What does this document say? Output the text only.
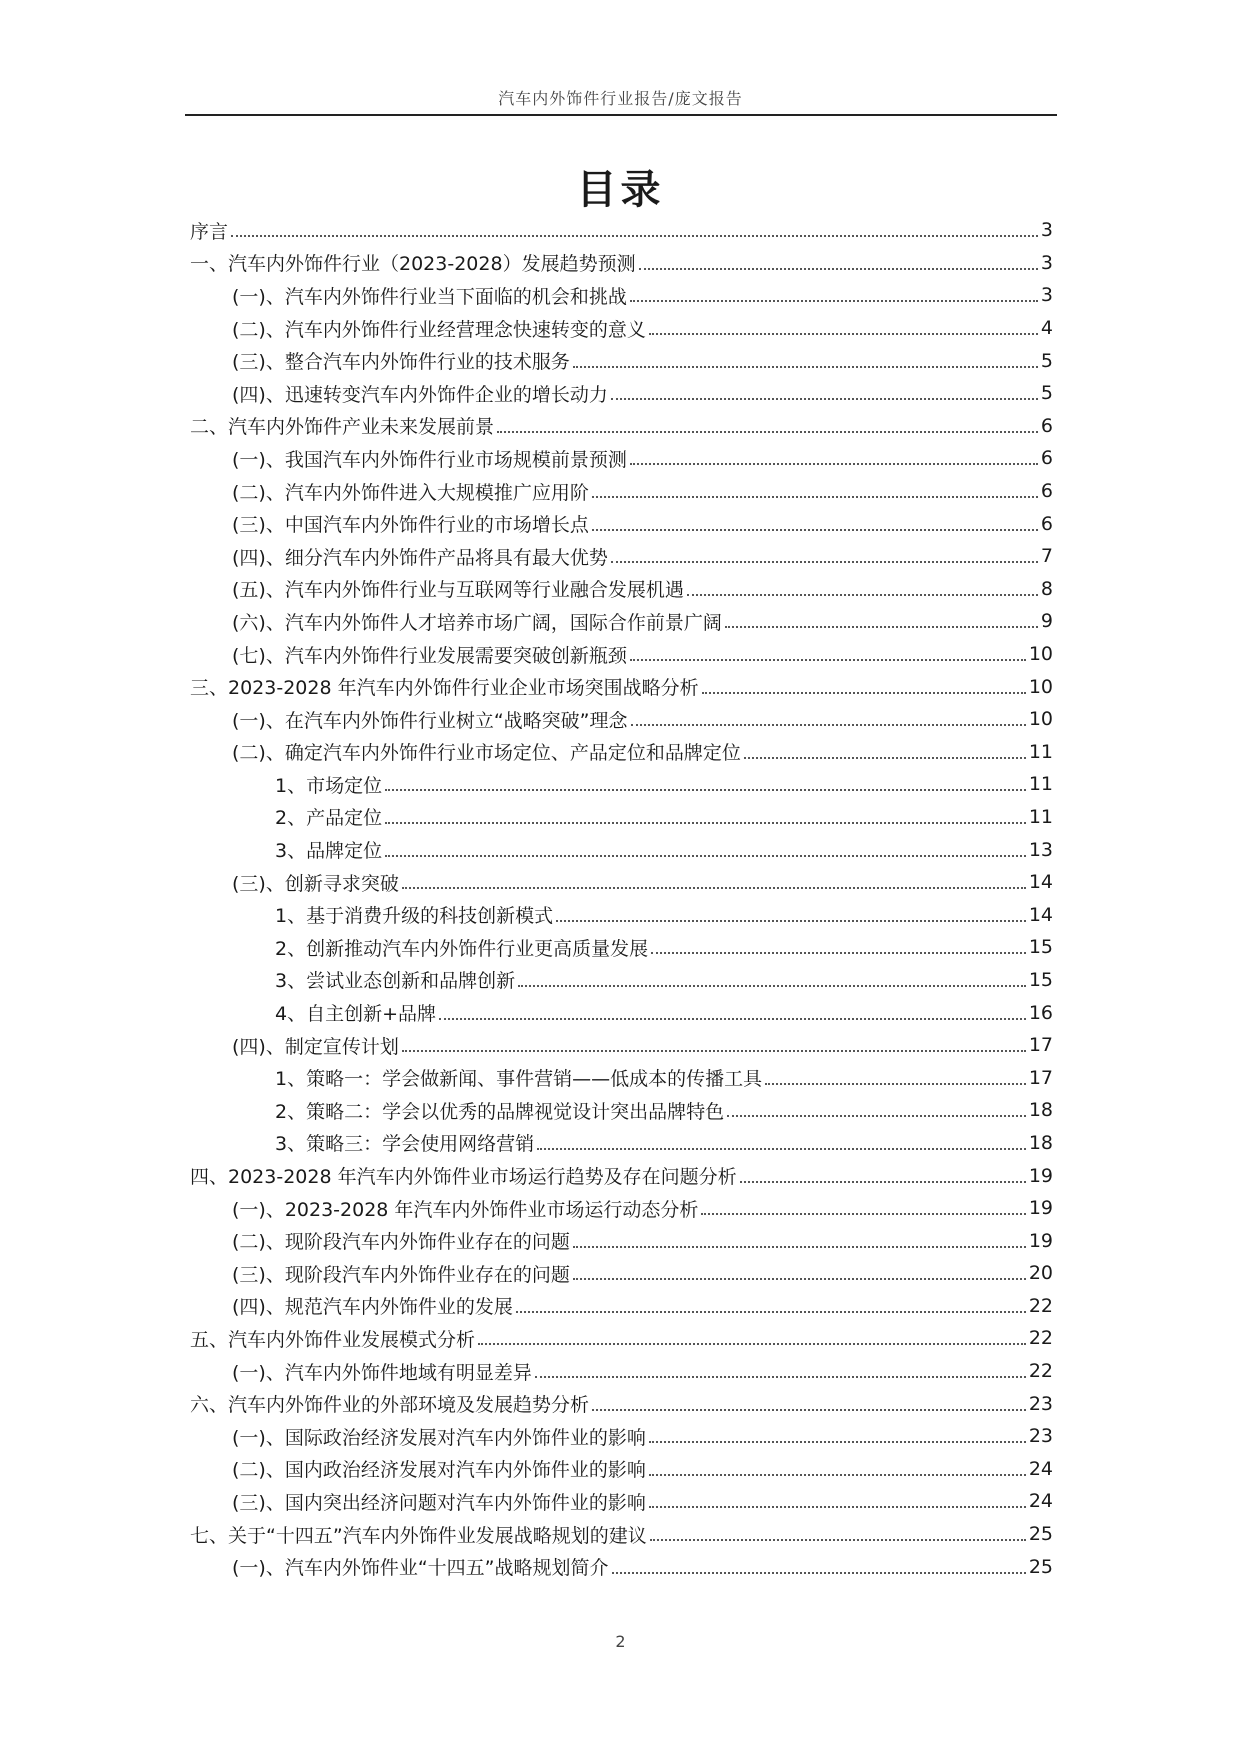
汽车内外饰件行业报告/庞文报告
目录
序言	3
一、汽车内外饰件行业（2023-2028）发展趋势预测	3
(一)、汽车内外饰件行业当下面临的机会和挑战	3
(二)、汽车内外饰件行业经营理念快速转变的意义	4
(三)、整合汽车内外饰件行业的技术服务	5
(四)、迅速转变汽车内外饰件企业的增长动力	5
二、汽车内外饰件产业未来发展前景	6
(一)、我国汽车内外饰件行业市场规模前景预测	6
(二)、汽车内外饰件进入大规模推广应用阶	6
(三)、中国汽车内外饰件行业的市场增长点	6
(四)、细分汽车内外饰件产品将具有最大优势	7
(五)、汽车内外饰件行业与互联网等行业融合发展机遇	8
(六)、汽车内外饰件人才培养市场广阔，国际合作前景广阔	9
(七)、汽车内外饰件行业发展需要突破创新瓶颈	10
三、2023-2028 年汽车内外饰件行业企业市场突围战略分析	10
(一)、在汽车内外饰件行业树立“战略突破”理念	10
(二)、确定汽车内外饰件行业市场定位、产品定位和品牌定位	11
1、市场定位	11
2、产品定位	11
3、品牌定位	13
(三)、创新寻求突破	14
1、基于消费升级的科技创新模式	14
2、创新推动汽车内外饰件行业更高质量发展	15
3、尝试业态创新和品牌创新	15
4、自主创新+品牌	16
(四)、制定宣传计划	17
1、策略一：学会做新闻、事件营销——低成本的传播工具	17
2、策略二：学会以优秀的品牌视觉设计突出品牌特色	18
3、策略三：学会使用网络营销	18
四、2023-2028 年汽车内外饰件业市场运行趋势及存在问题分析	19
(一)、2023-2028 年汽车内外饰件业市场运行动态分析	19
(二)、现阶段汽车内外饰件业存在的问题	19
(三)、现阶段汽车内外饰件业存在的问题	20
(四)、规范汽车内外饰件业的发展	22
五、汽车内外饰件业发展模式分析	22
(一)、汽车内外饰件地域有明显差异	22
六、汽车内外饰件业的外部环境及发展趋势分析	23
(一)、国际政治经济发展对汽车内外饰件业的影响	23
(二)、国内政治经济发展对汽车内外饰件业的影响	24
(三)、国内突出经济问题对汽车内外饰件业的影响	24
七、关于“十四五”汽车内外饰件业发展战略规划的建议	25
(一)、汽车内外饰件业“十四五”战略规划简介	25
2
